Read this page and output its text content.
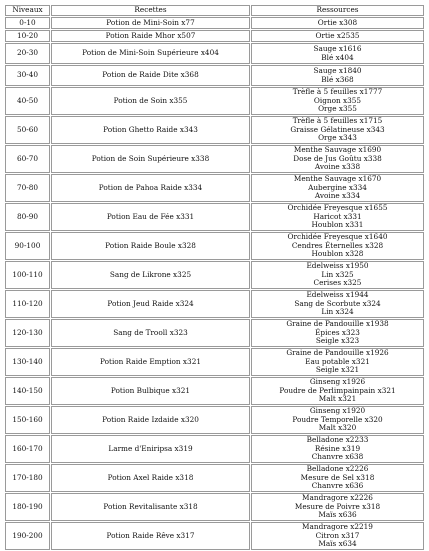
Niveaux	Recettes	Ressources
0-10	Potion de Mini-Soin x77	Ortie x308

10-20	Potion Raide Mhor x507	Ortie x2535

20-30	Potion de Mini-Soin Supérieure x404	Sauge x1616
Blé x404

30-40	Potion de Raide Dite x368	Sauge x1840
Blé x368

40-50	Potion de Soin x355	Trèfle à 5 feuilles x1777
Oignon x355
Orge x355

50-60	Potion Ghetto Raide x343	Trèfle à 5 feuilles x1715
Graisse Gélatineuse x343
Orge x343

60-70	Potion de Soin Supérieure x338	Menthe Sauvage x1690
Dose de Jus Goûtu x338
Avoine x338

70-80	Potion de Pahoa Raide x334	Menthe Sauvage x1670
Aubergine x334
Avoine x334

80-90	Potion Eau de Fée x331	Orchidée Freyesque x1655
Haricot x331
Houblon x331

90-100	Potion Raide Boule x328	Orchidée Freyesque x1640
Cendres Éternelles x328
Houblon x328

100-110	Sang de Likrone x325	Edelweiss x1950
Lin x325
Cerises x325

110-120	Potion Jeud Raide x324	Edelweiss x1944
Sang de Scorbute x324
Lin x324

120-130	Sang de Trooll x323	Graine de Pandouille x1938
Épices x323
Seigle x323

130-140	Potion Raide Emption x321	Graine de Pandouille x1926
Eau potable x321
Seigle x321

140-150	Potion Bulbique x321	Ginseng x1926
Poudre de Perlimpainpain x321
Malt x321

150-160	Potion Raide Izdaide x320	Ginseng x1920
Poudre Temporelle x320
Malt x320

160-170	Larme d'Eniripsa x319	Belladone x2233
Résine x319
Chanvre x638

170-180	Potion Axel Raide x318	Belladone x2226
Mesure de Sel x318
Chanvre x636

180-190	Potion Revitalisante x318	Mandragore x2226
Mesure de Poivre x318
Maïs x636

190-200	Potion Raide Rêve x317	Mandragore x2219
Citron x317
Maïs x634
